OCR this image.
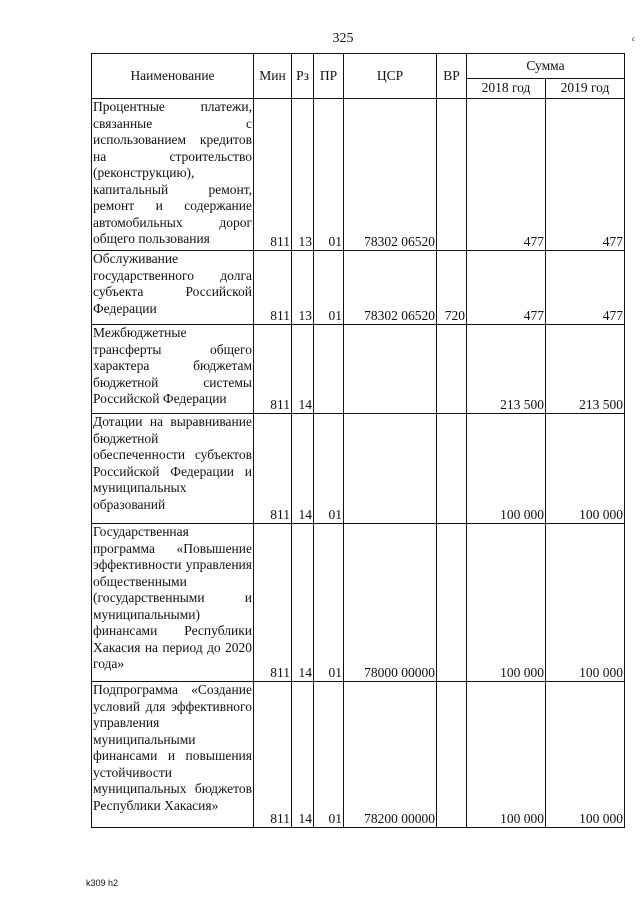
325	с
Наименование	Мин	Рз	ПР	ЦСР	ВР	Сумма	
						2018 год	2019 год
Процентные платежи, связанные с использованием кредитов на строительство (реконструкцию), капитальный ремонт, ремонт и содержание автомобильных дорог общего пользования	811	13	01	78302 06520		477	477
Обслуживание государственного долга субъекта Российской Федерации	811	13	01	78302 06520	720	477	477
Межбюджетные трансферты общего характера бюджетам бюджетной системы Российской Федерации	811	14				213 500	213 500
Дотации на выравнивание бюджетной обеспеченности субъектов Российской Федерации и муниципальных образований	811	14	01			100 000	100 000
Государственная программа «Повышение эффективности управления общественными (государственными и муниципальными) финансами Республики Хакасия на период до 2020 года»	811	14	01	78000 00000		100 000	100 000
Подпрограмма «Создание условий для эффективного управления муниципальными финансами и повышения устойчивости муниципальных бюджетов Республики Хакасия»	811	14	01	78200 00000		100 000	100 000
k309 h2
